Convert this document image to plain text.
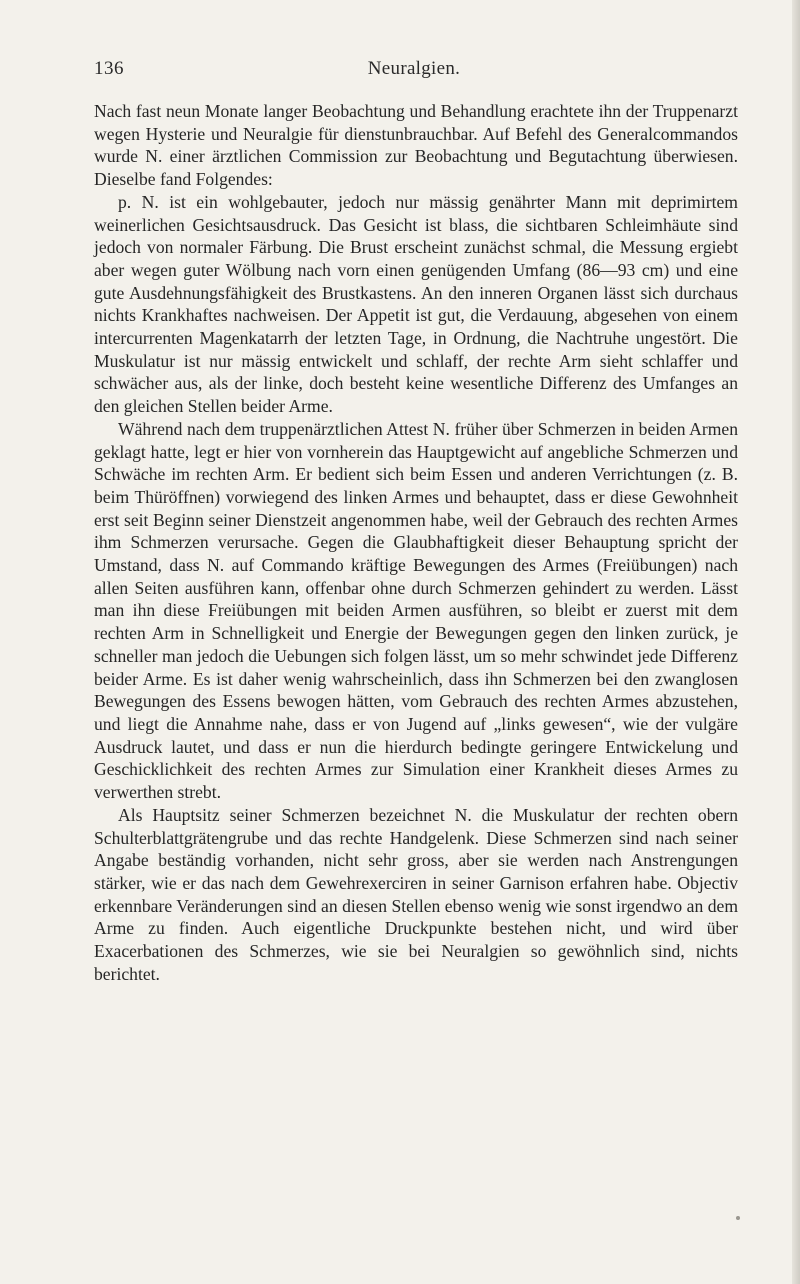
136	Neuralgien.

Nach fast neun Monate langer Beobachtung und Behandlung erachtete ihn der Truppenarzt wegen Hysterie und Neuralgie für dienstunbrauchbar. Auf Befehl des Generalcommandos wurde N. einer ärztlichen Commission zur Beobachtung und Begutachtung überwiesen. Dieselbe fand Folgendes:

p. N. ist ein wohlgebauter, jedoch nur mässig genährter Mann mit deprimirtem weinerlichen Gesichtsausdruck. Das Gesicht ist blass, die sichtbaren Schleimhäute sind jedoch von normaler Färbung. Die Brust erscheint zunächst schmal, die Messung ergiebt aber wegen guter Wölbung nach vorn einen genügenden Umfang (86—93 cm) und eine gute Ausdehnungsfähigkeit des Brustkastens. An den inneren Organen lässt sich durchaus nichts Krankhaftes nachweisen. Der Appetit ist gut, die Verdauung, abgesehen von einem intercurrenten Magenkatarrh der letzten Tage, in Ordnung, die Nachtruhe ungestört. Die Muskulatur ist nur mässig entwickelt und schlaff, der rechte Arm sieht schlaffer und schwächer aus, als der linke, doch besteht keine wesentliche Differenz des Umfanges an den gleichen Stellen beider Arme.

Während nach dem truppenärztlichen Attest N. früher über Schmerzen in beiden Armen geklagt hatte, legt er hier von vornherein das Hauptgewicht auf angebliche Schmerzen und Schwäche im rechten Arm. Er bedient sich beim Essen und anderen Verrichtungen (z. B. beim Thüröffnen) vorwiegend des linken Armes und behauptet, dass er diese Gewohnheit erst seit Beginn seiner Dienstzeit angenommen habe, weil der Gebrauch des rechten Armes ihm Schmerzen verursache. Gegen die Glaubhaftigkeit dieser Behauptung spricht der Umstand, dass N. auf Commando kräftige Bewegungen des Armes (Freiübungen) nach allen Seiten ausführen kann, offenbar ohne durch Schmerzen gehindert zu werden. Lässt man ihn diese Freiübungen mit beiden Armen ausführen, so bleibt er zuerst mit dem rechten Arm in Schnelligkeit und Energie der Bewegungen gegen den linken zurück, je schneller man jedoch die Uebungen sich folgen lässt, um so mehr schwindet jede Differenz beider Arme. Es ist daher wenig wahrscheinlich, dass ihn Schmerzen bei den zwanglosen Bewegungen des Essens bewogen hätten, vom Gebrauch des rechten Armes abzustehen, und liegt die Annahme nahe, dass er von Jugend auf „links gewesen“, wie der vulgäre Ausdruck lautet, und dass er nun die hierdurch bedingte geringere Entwickelung und Geschicklichkeit des rechten Armes zur Simulation einer Krankheit dieses Armes zu verwerthen strebt.

Als Hauptsitz seiner Schmerzen bezeichnet N. die Muskulatur der rechten obern Schulterblattgrätengrube und das rechte Handgelenk. Diese Schmerzen sind nach seiner Angabe beständig vorhanden, nicht sehr gross, aber sie werden nach Anstrengungen stärker, wie er das nach dem Gewehrexerciren in seiner Garnison erfahren habe. Objectiv erkennbare Veränderungen sind an diesen Stellen ebenso wenig wie sonst irgendwo an dem Arme zu finden. Auch eigentliche Druckpunkte bestehen nicht, und wird über Exacerbationen des Schmerzes, wie sie bei Neuralgien so gewöhnlich sind, nichts berichtet.
